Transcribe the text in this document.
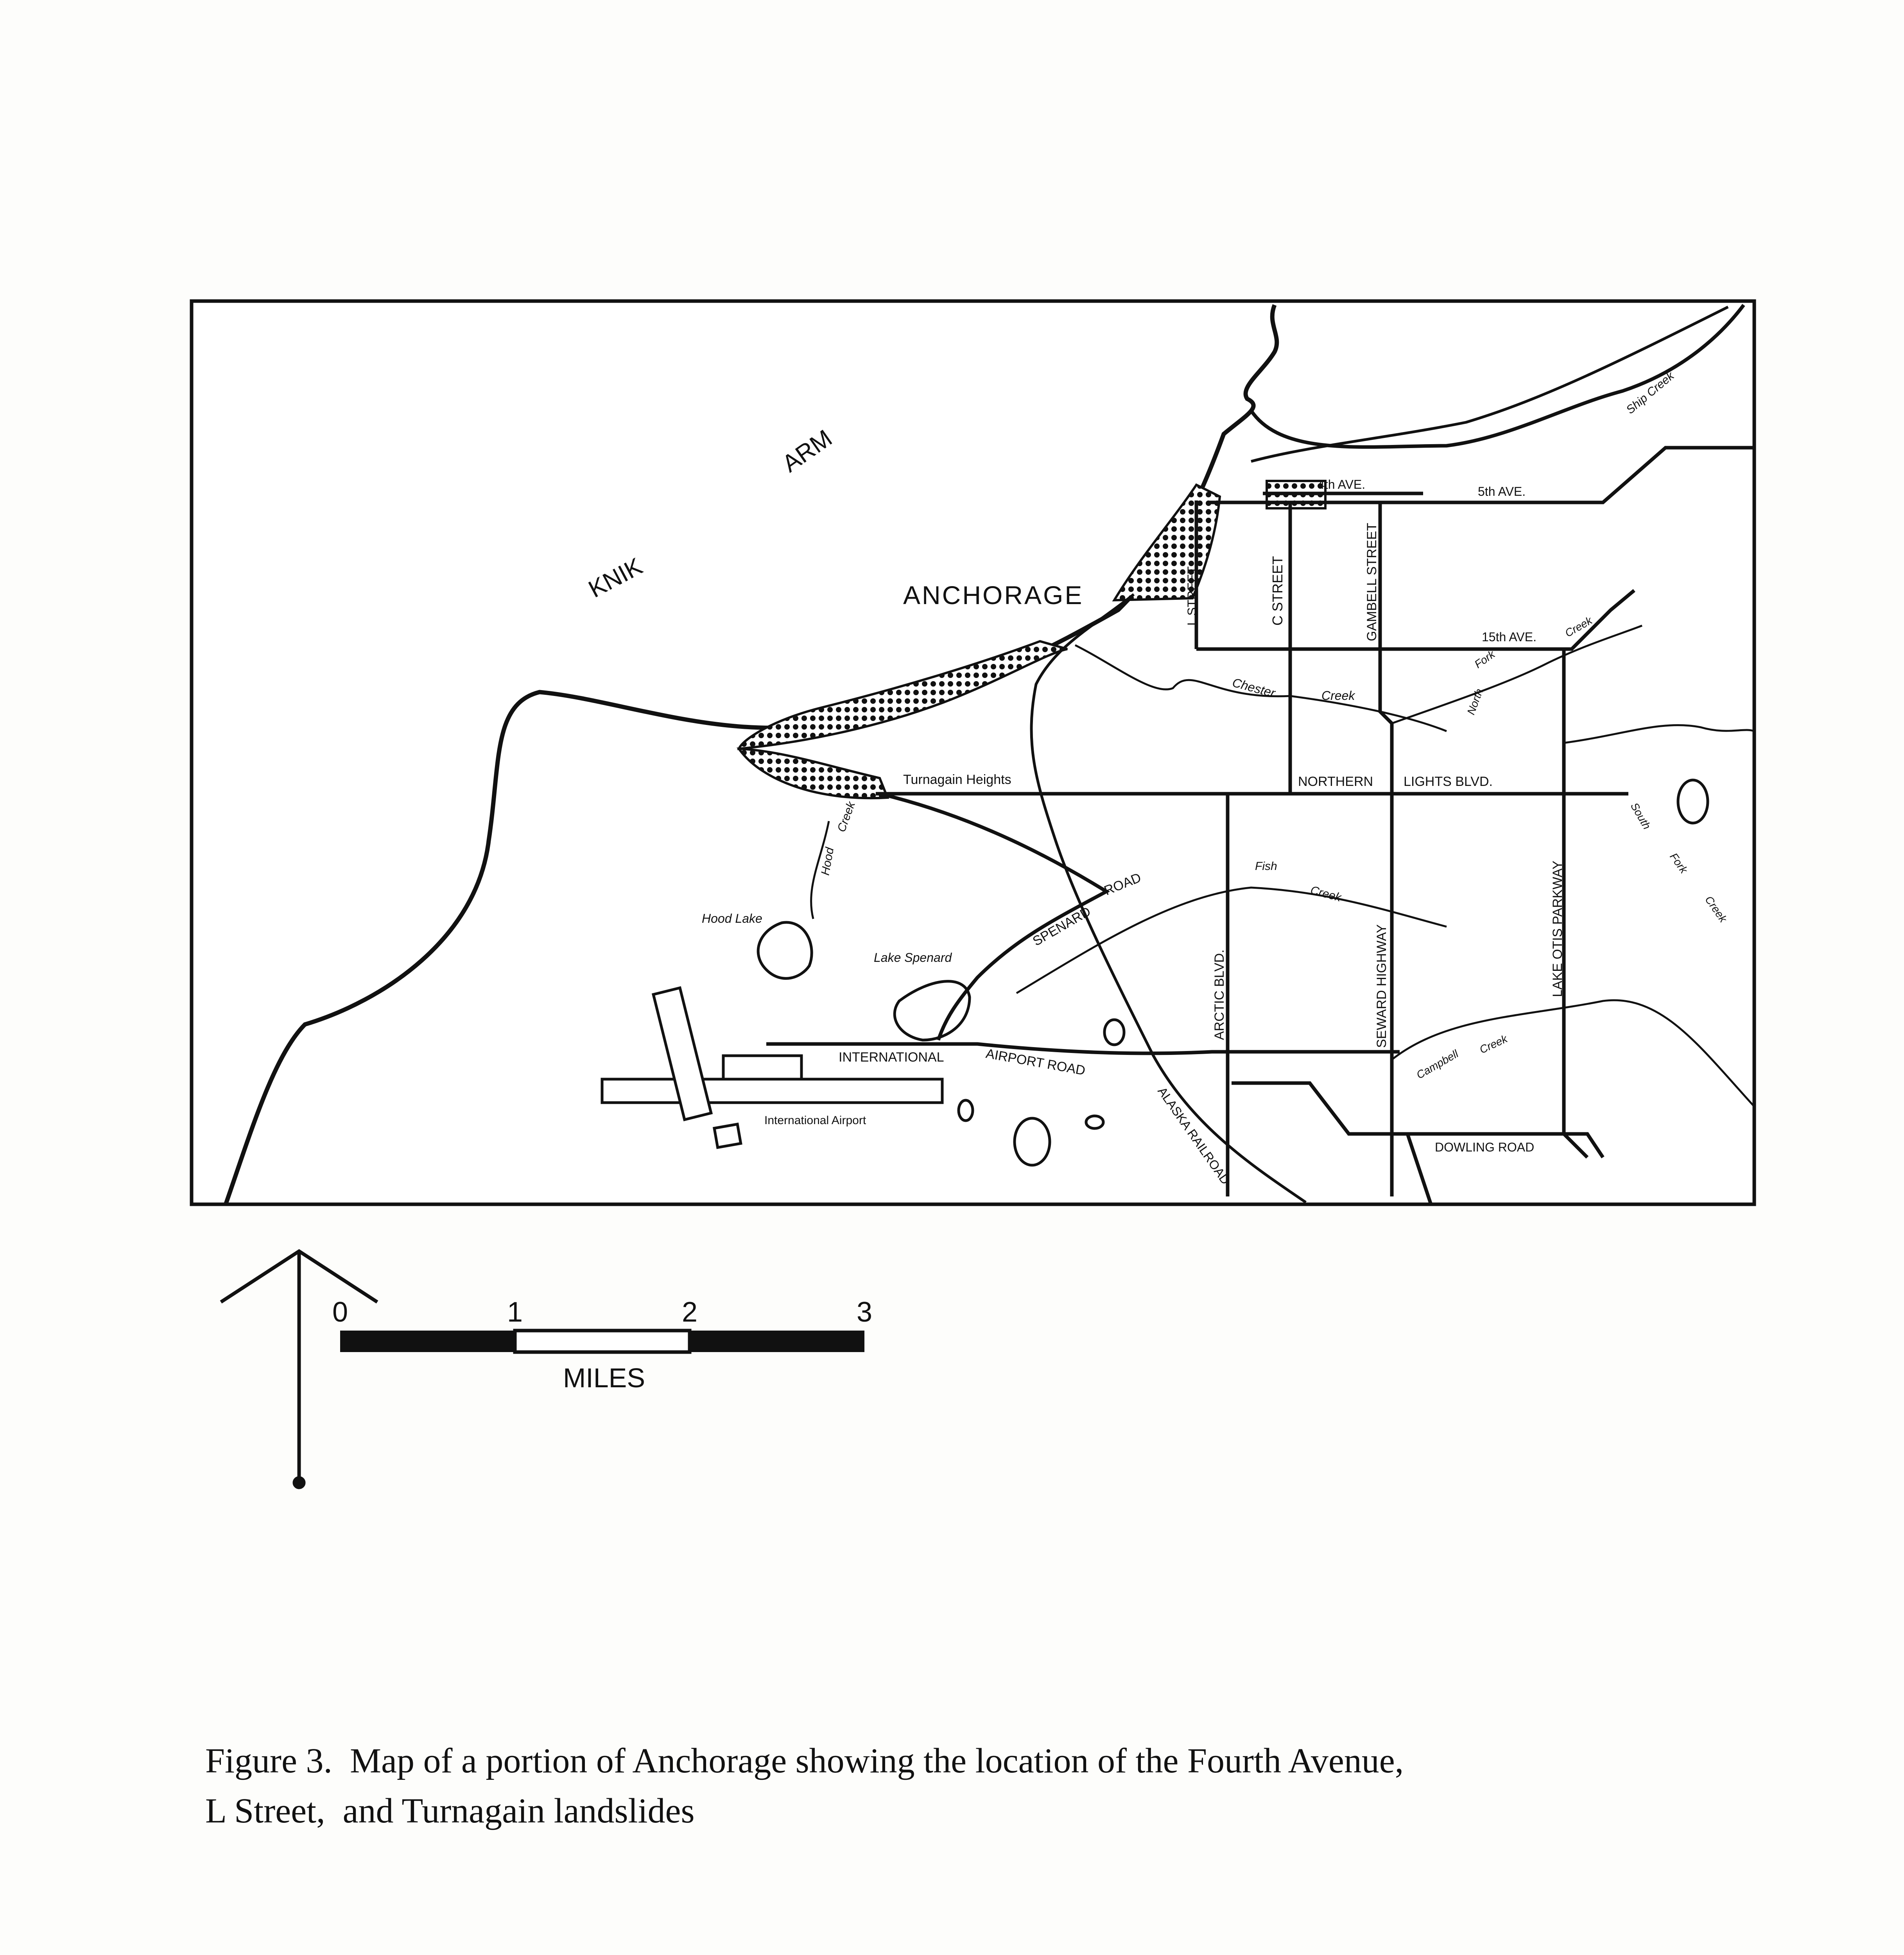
KNIK
ARM
ANCHORAGE
Turnagain Heights
Hood Lake
Lake Spenard
International Airport
4th AVE.	5th AVE.
15th AVE.
L STREET	C STREET	GAMBELL STREET
NORTHERN LIGHTS BLVD.
SPENARD
ROAD
ARCTIC BLVD.	SEWARD HIGHWAY	LAKE OTIS PARKWAY
INTERNATIONAL	AIRPORT ROAD
ALASKA RAILROAD	DOWLING ROAD
Ship Creek
Chester	Creek
Hood
Creek
Fish
Creek
North
Fork
Creek
South
Fork
Creek
Campbell
Creek
0	1	2	3
MILES
Figure 3.  Map of a portion of Anchorage showing the location of the Fourth Avenue,
L Street,  and Turnagain landslides
